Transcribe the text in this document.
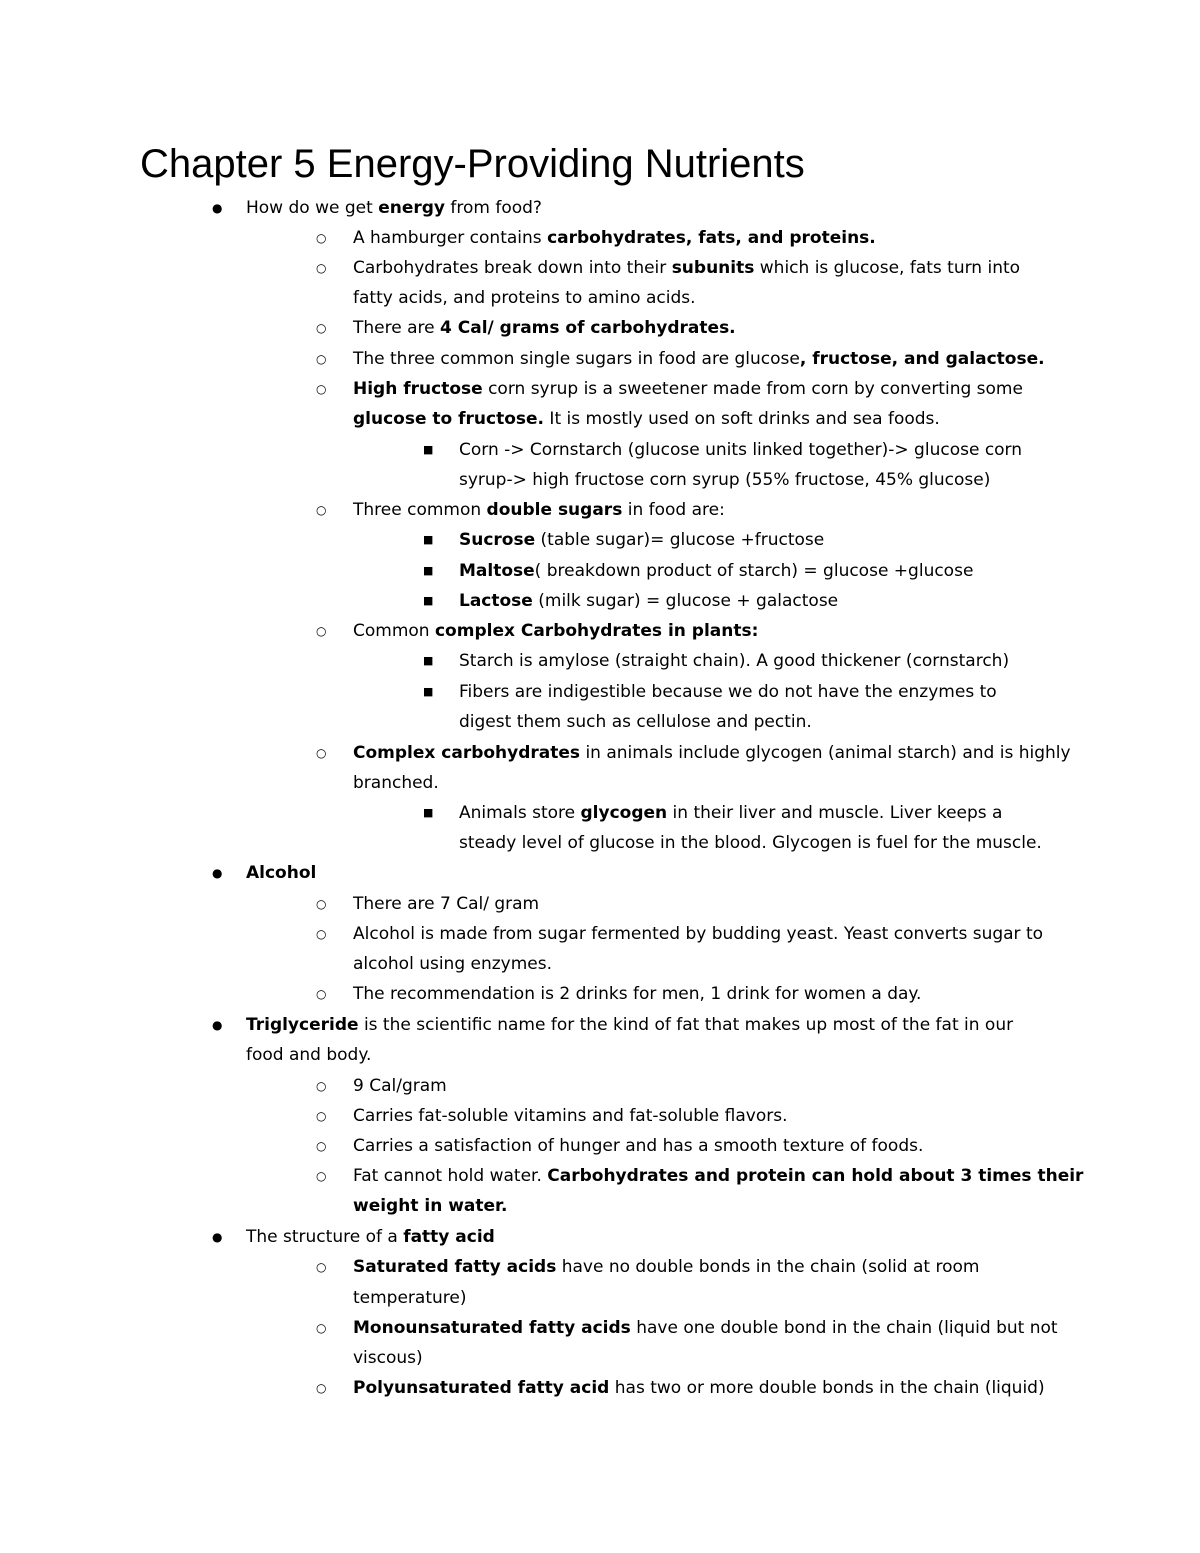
Chapter 5 Energy-Providing Nutrients
● How do we get energy from food?
○ A hamburger contains carbohydrates, fats, and proteins.
○ Carbohydrates break down into their subunits which is glucose, fats turn into
fatty acids, and proteins to amino acids.
○ There are 4 Cal/ grams of carbohydrates.
○ The three common single sugars in food are glucose, fructose, and galactose.
○ High fructose corn syrup is a sweetener made from corn by converting some
glucose to fructose. It is mostly used on soft drinks and sea foods.
■ Corn -> Cornstarch (glucose units linked together)-> glucose corn
syrup-> high fructose corn syrup (55% fructose, 45% glucose)
○ Three common double sugars in food are:
■ Sucrose (table sugar)= glucose +fructose
■ Maltose( breakdown product of starch) = glucose +glucose
■ Lactose (milk sugar) = glucose + galactose
○ Common complex Carbohydrates in plants:
■ Starch is amylose (straight chain). A good thickener (cornstarch)
■ Fibers are indigestible because we do not have the enzymes to
digest them such as cellulose and pectin.
○ Complex carbohydrates in animals include glycogen (animal starch) and is highly
branched.
■ Animals store glycogen in their liver and muscle. Liver keeps a
steady level of glucose in the blood. Glycogen is fuel for the muscle.
● Alcohol
○ There are 7 Cal/ gram
○ Alcohol is made from sugar fermented by budding yeast. Yeast converts sugar to
alcohol using enzymes.
○ The recommendation is 2 drinks for men, 1 drink for women a day.
● Triglyceride is the scientific name for the kind of fat that makes up most of the fat in our
food and body.
○ 9 Cal/gram
○ Carries fat-soluble vitamins and fat-soluble flavors.
○ Carries a satisfaction of hunger and has a smooth texture of foods.
○ Fat cannot hold water. Carbohydrates and protein can hold about 3 times their
weight in water.
● The structure of a fatty acid
○ Saturated fatty acids have no double bonds in the chain (solid at room
temperature)
○ Monounsaturated fatty acids have one double bond in the chain (liquid but not
viscous)
○ Polyunsaturated fatty acid has two or more double bonds in the chain (liquid)
